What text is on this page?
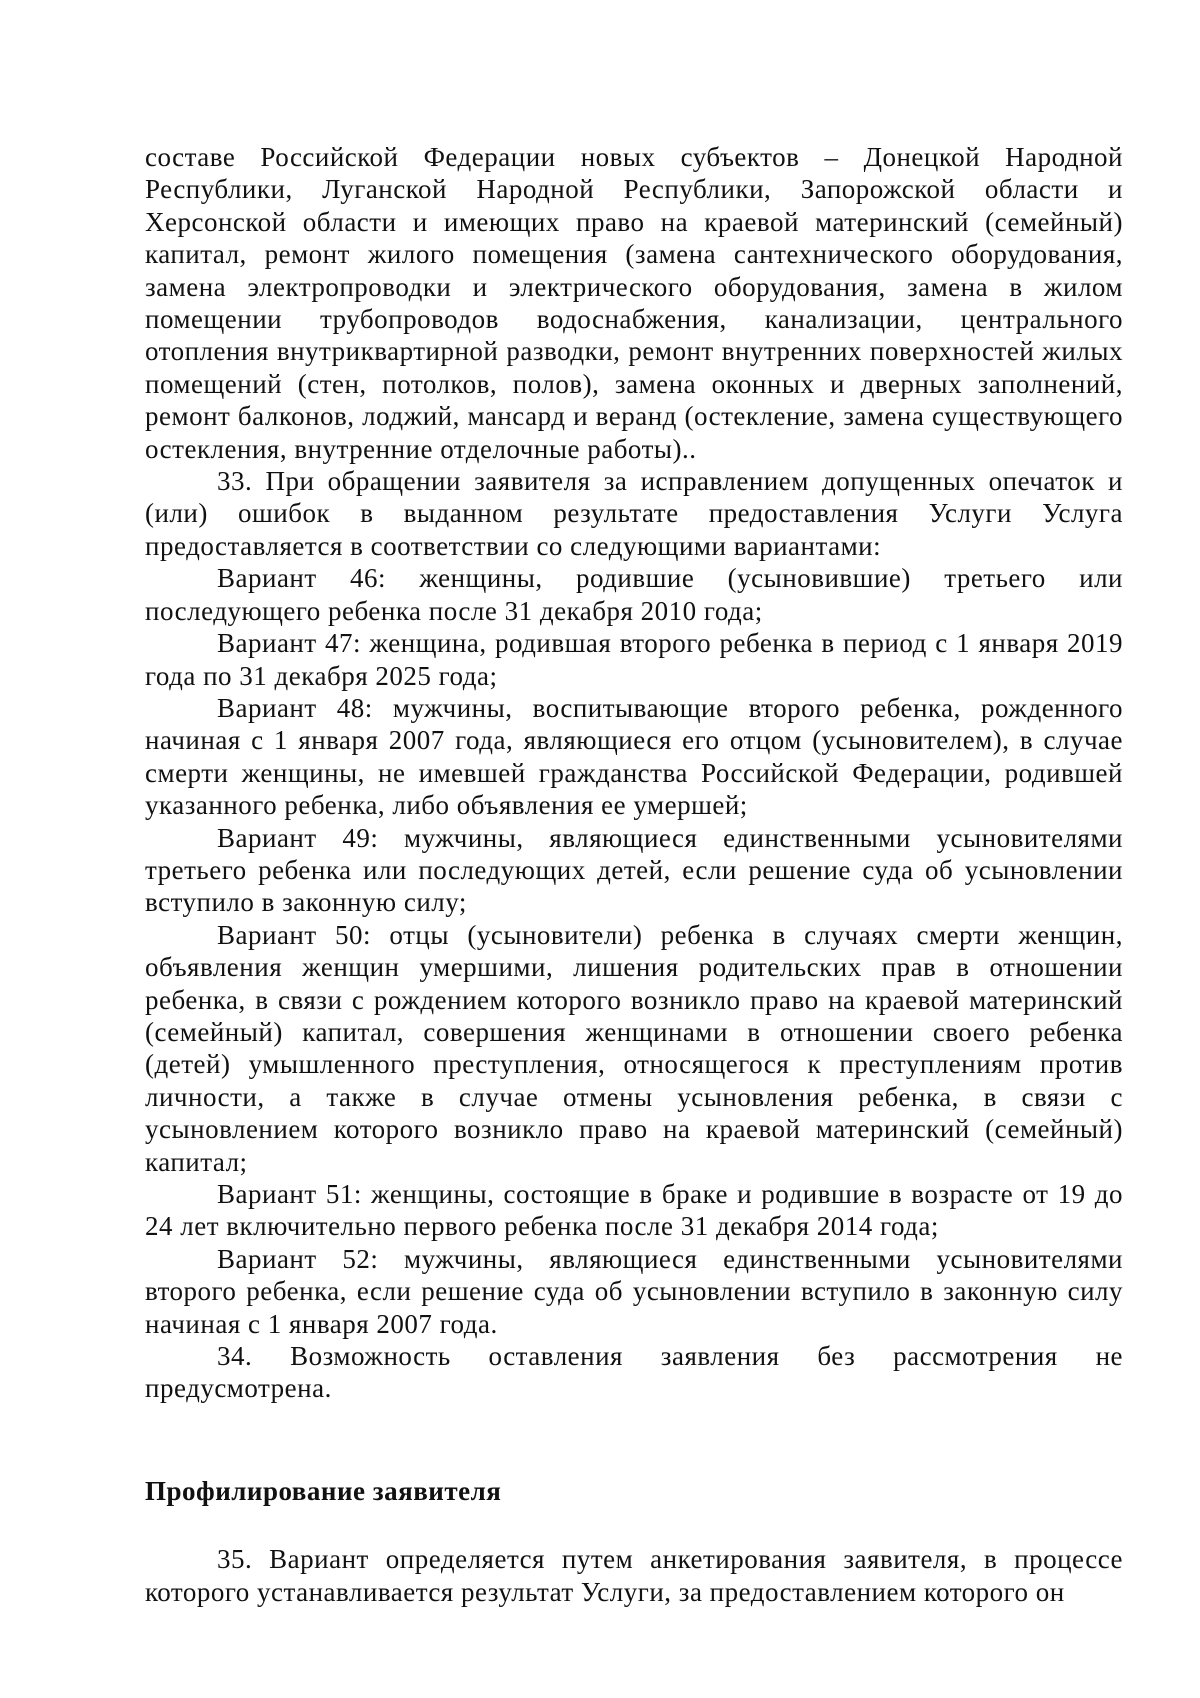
составе Российской Федерации новых субъектов – Донецкой Народной Республики, Луганской Народной Республики, Запорожской области и Херсонской области и имеющих право на краевой материнский (семейный) капитал, ремонт жилого помещения (замена сантехнического оборудования, замена электропроводки и электрического оборудования, замена в жилом помещении трубопроводов водоснабжения, канализации, центрального отопления внутриквартирной разводки, ремонт внутренних поверхностей жилых помещений (стен, потолков, полов), замена оконных и дверных заполнений, ремонт балконов, лоджий, мансард и веранд (остекление, замена существующего остекления, внутренние отделочные работы)..

33. При обращении заявителя за исправлением допущенных опечаток и (или) ошибок в выданном результате предоставления Услуги Услуга предоставляется в соответствии со следующими вариантами:

Вариант 46: женщины, родившие (усыновившие) третьего или последующего ребенка после 31 декабря 2010 года;

Вариант 47: женщина, родившая второго ребенка в период с 1 января 2019 года по 31 декабря 2025 года;

Вариант 48: мужчины, воспитывающие второго ребенка, рожденного начиная с 1 января 2007 года, являющиеся его отцом (усыновителем), в случае смерти женщины, не имевшей гражданства Российской Федерации, родившей указанного ребенка, либо объявления ее умершей;

Вариант 49: мужчины, являющиеся единственными усыновителями третьего ребенка или последующих детей, если решение суда об усыновлении вступило в законную силу;

Вариант 50: отцы (усыновители) ребенка в случаях смерти женщин, объявления женщин умершими, лишения родительских прав в отношении ребенка, в связи с рождением которого возникло право на краевой материнский (семейный) капитал, совершения женщинами в отношении своего ребенка (детей) умышленного преступления, относящегося к преступлениям против личности, а также в случае отмены усыновления ребенка, в связи с усыновлением которого возникло право на краевой материнский (семейный) капитал;

Вариант 51: женщины, состоящие в браке и родившие в возрасте от 19 до 24 лет включительно первого ребенка после 31 декабря 2014 года;

Вариант 52: мужчины, являющиеся единственными усыновителями второго ребенка, если решение суда об усыновлении вступило в законную силу начиная с 1 января 2007 года.

34. Возможность оставления заявления без рассмотрения не предусмотрена.

Профилирование заявителя

35. Вариант определяется путем анкетирования заявителя, в процессе которого устанавливается результат Услуги, за предоставлением которого он
